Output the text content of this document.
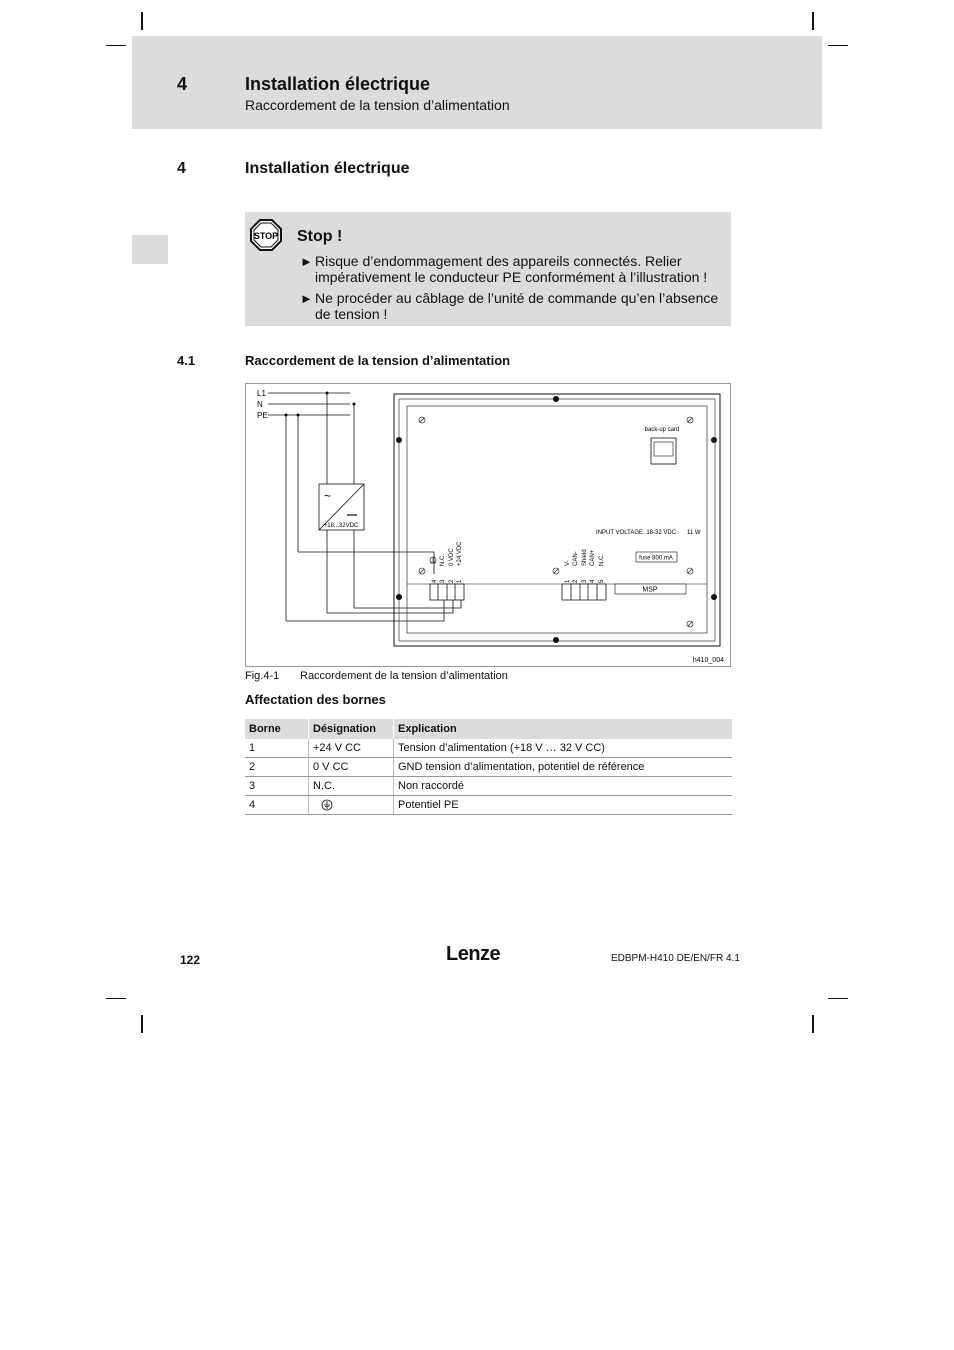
4	Installation électrique
Raccordement de la tension d’alimentation
4	Installation électrique
STOP Stop !
► Risque d’endommagement des appareils connectés. Relier impérativement le conducteur PE conformément à l’illustration !
► Ne procéder au câblage de l’unité de commande qu’en l’absence de tension !
4.1	Raccordement de la tension d’alimentation
L1
N
PE
~
+18...32VDC
back-up card
INPUT VOLTAGE: 18-32 VDC 11 W
fuse 800 mA
MSP
N.C. 0 VDC +24 VDC
4 3 2 1
V- CAN- Shield CAN+ N.C.
1 2 3 4 5
h410_004
Fig.4-1 Raccordement de la tension d’alimentation
Affectation des bornes
Borne	Désignation	Explication
1	+24 V CC	Tension d’alimentation (+18 V … 32 V CC)
2	0 V CC	GND tension d’alimentation, potentiel de référence
3	N.C.	Non raccordé
4		Potentiel PE
122	Lenze	EDBPM-H410 DE/EN/FR 4.1
